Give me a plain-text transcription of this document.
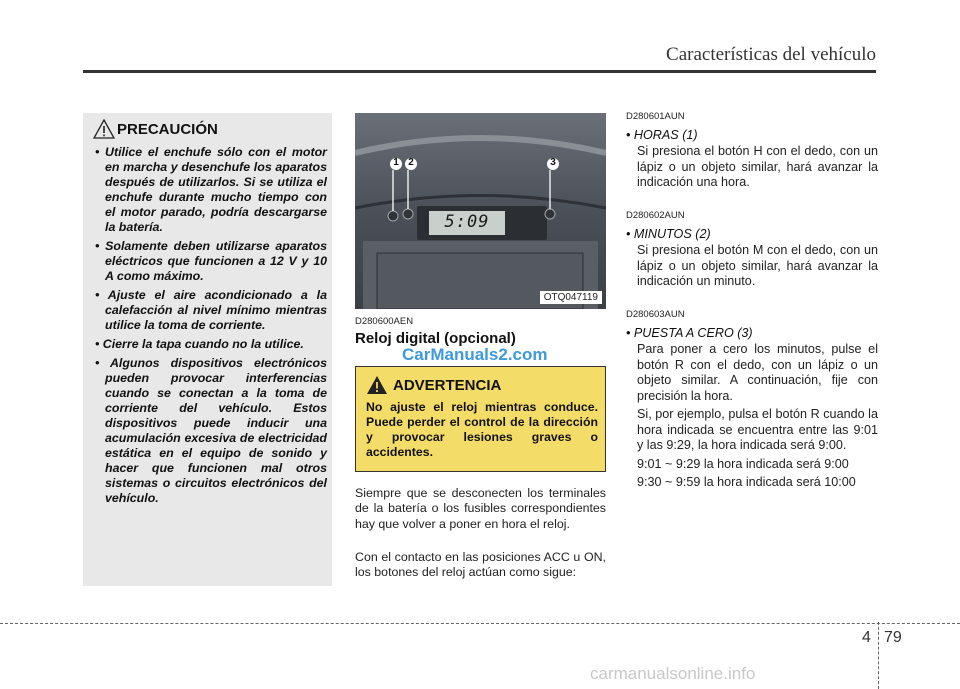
Características del vehículo
PRECAUCIÓN
• Utilice el enchufe sólo con el motor en marcha y desenchufe los aparatos después de utilizarlos. Si se utiliza el enchufe durante mucho tiempo con el motor parado, podría descargarse la batería.
• Solamente deben utilizarse aparatos eléctricos que funcionen a 12 V y 10 A como máximo.
• Ajuste el aire acondicionado a la calefacción al nivel mínimo mientras utilice la toma de corriente.
• Cierre la tapa cuando no la utilice.
• Algunos dispositivos electrónicos pueden provocar interferencias cuando se conectan a la toma de corriente del vehículo. Estos dispositivos puede inducir una acumulación excesiva de electricidad estática en el equipo de sonido y hacer que funcionen mal otros sistemas o circuitos electrónicos del vehículo.
1 2	3
5:09
OTQ047119
D280600AEN
Reloj digital (opcional)
CarManuals2.com
ADVERTENCIA
No ajuste el reloj mientras conduce. Puede perder el control de la dirección y provocar lesiones graves o accidentes.
Siempre que se desconecten los terminales de la batería o los fusibles correspondientes hay que volver a poner en hora el reloj.
Con el contacto en las posiciones ACC u ON, los botones del reloj actúan como sigue:
D280601AUN
• HORAS (1)
Si presiona el botón H con el dedo, con un lápiz o un objeto similar, hará avanzar la indicación una hora.
D280602AUN
• MINUTOS (2)
Si presiona el botón M con el dedo, con un lápiz o un objeto similar, hará avanzar la indicación un minuto.
D280603AUN
• PUESTA A CERO (3)
Para poner a cero los minutos, pulse el botón R con el dedo, con un lápiz o un objeto similar. A continuación, fije con precisión la hora.
Si, por ejemplo, pulsa el botón R cuando la hora indicada se encuentra entre las 9:01 y las 9:29, la hora indicada será 9:00.
9:01 ~ 9:29 la hora indicada será 9:00
9:30 ~ 9:59 la hora indicada será 10:00
4 79
carmanualsonline.info
